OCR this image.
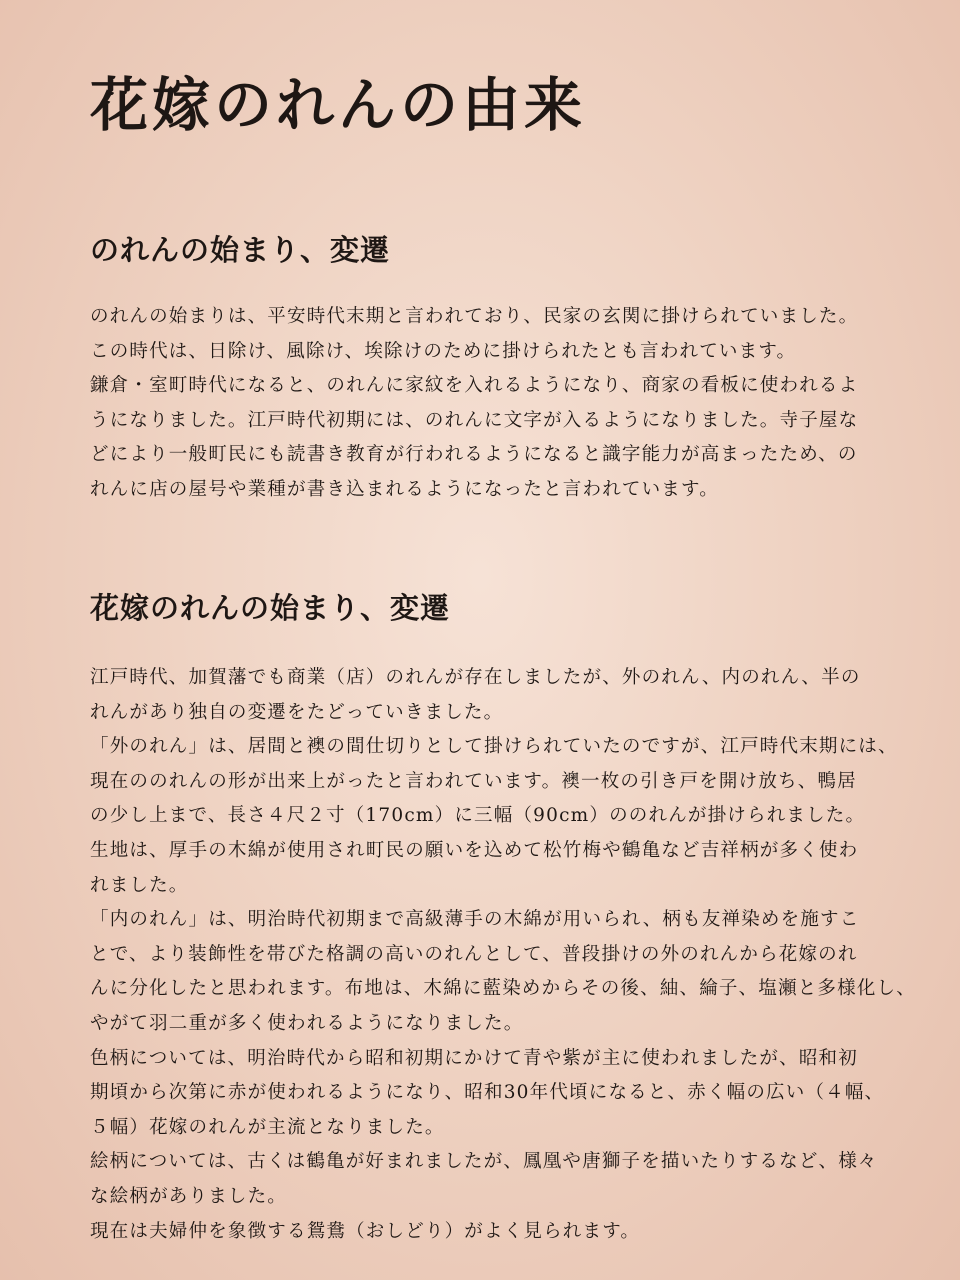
花嫁のれんの由来
のれんの始まり、変遷
のれんの始まりは、平安時代末期と言われており、民家の玄関に掛けられていました。
この時代は、日除け、風除け、埃除けのために掛けられたとも言われています。
鎌倉・室町時代になると、のれんに家紋を入れるようになり、商家の看板に使われるよ
うになりました。江戸時代初期には、のれんに文字が入るようになりました。寺子屋な
どにより一般町民にも読書き教育が行われるようになると識字能力が高まったため、の
れんに店の屋号や業種が書き込まれるようになったと言われています。
花嫁のれんの始まり、変遷
江戸時代、加賀藩でも商業（店）のれんが存在しましたが、外のれん、内のれん、半の
れんがあり独自の変遷をたどっていきました。
「外のれん」は、居間と襖の間仕切りとして掛けられていたのですが、江戸時代末期には、
現在ののれんの形が出来上がったと言われています。襖一枚の引き戸を開け放ち、鴨居
の少し上まで、長さ４尺２寸（170cm）に三幅（90cm）ののれんが掛けられました。
生地は、厚手の木綿が使用され町民の願いを込めて松竹梅や鶴亀など吉祥柄が多く使わ
れました。
「内のれん」は、明治時代初期まで高級薄手の木綿が用いられ、柄も友禅染めを施すこ
とで、より装飾性を帯びた格調の高いのれんとして、普段掛けの外のれんから花嫁のれ
んに分化したと思われます。布地は、木綿に藍染めからその後、紬、綸子、塩瀬と多様化し、
やがて羽二重が多く使われるようになりました。
色柄については、明治時代から昭和初期にかけて青や紫が主に使われましたが、昭和初
期頃から次第に赤が使われるようになり、昭和30年代頃になると、赤く幅の広い（４幅、
５幅）花嫁のれんが主流となりました。
絵柄については、古くは鶴亀が好まれましたが、鳳凰や唐獅子を描いたりするなど、様々
な絵柄がありました。
現在は夫婦仲を象徴する鴛鴦（おしどり）がよく見られます。
